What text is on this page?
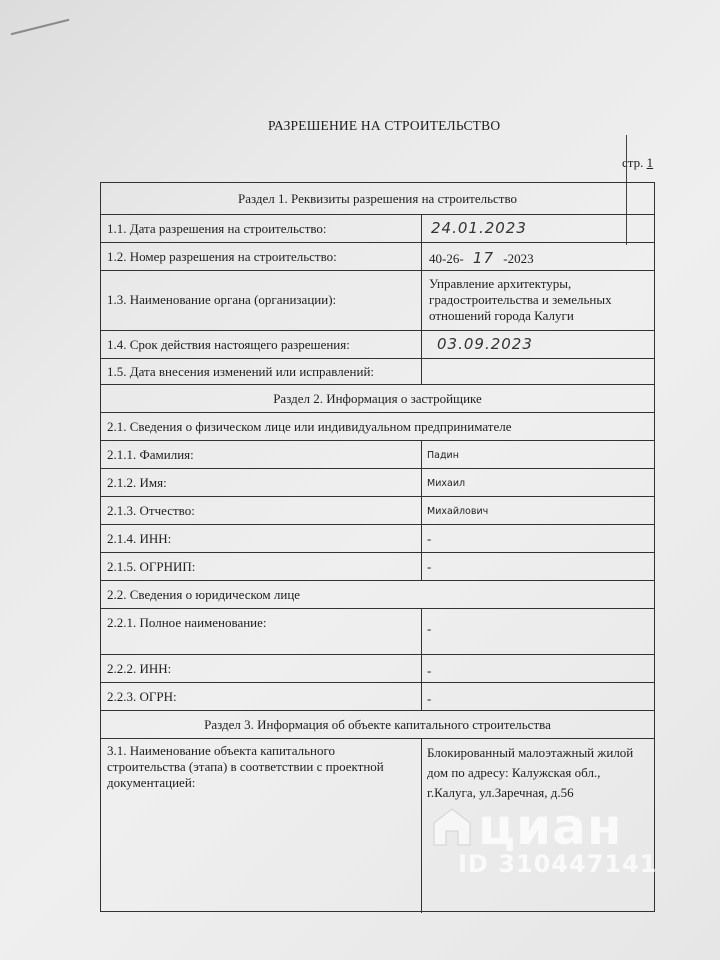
РАЗРЕШЕНИЕ НА СТРОИТЕЛЬСТВО
стр. 1
Раздел 1. Реквизиты разрешения на строительство
1.1. Дата разрешения на строительство:	24.01.2023
1.2. Номер разрешения на строительство:	40-26- 17 -2023
1.3. Наименование органа (организации):
Управление архитектуры,
градостроительства и земельных
отношений города Калуги
1.4. Срок действия настоящего разрешения:	03.09.2023
1.5. Дата внесения изменений или исправлений:
Раздел 2. Информация о застройщике
2.1. Сведения о физическом лице или индивидуальном предпринимателе
2.1.1. Фамилия:	Падин
2.1.2. Имя:	Михаил
2.1.3. Отчество:	Михайлович
2.1.4. ИНН:	-
2.1.5. ОГРНИП:	-
2.2. Сведения о юридическом лице
2.2.1. Полное наименование:	-
2.2.2. ИНН:	-
2.2.3. ОГРН:	-
Раздел 3. Информация об объекте капитального строительства
3.1. Наименование объекта капитального
строительства (этапа) в соответствии с проектной
документацией:
Блокированный малоэтажный жилой
дом по адресу: Калужская обл.,
г.Калуга, ул.Заречная, д.56
циан
ID 310447141
